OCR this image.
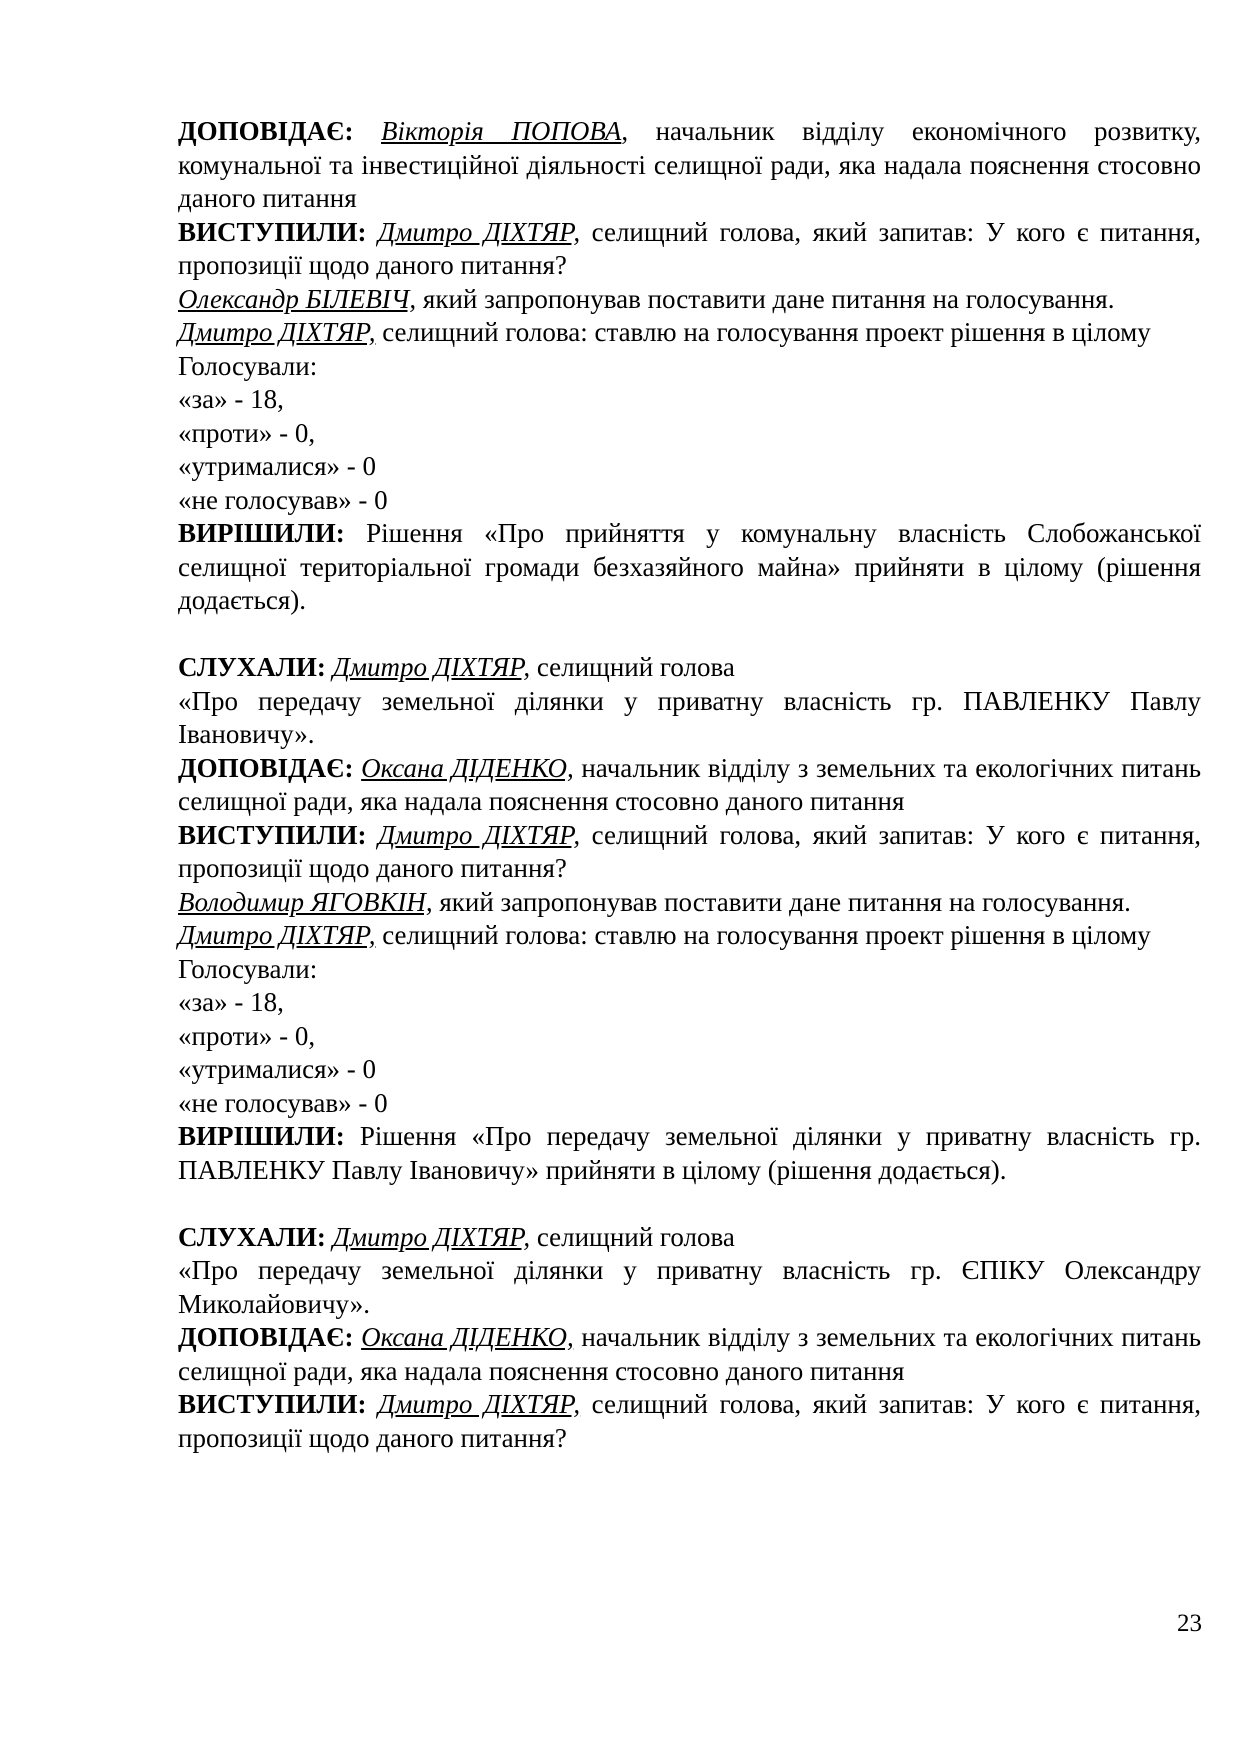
ДОПОВІДАЄ: Вікторія ПОПОВА, начальник відділу економічного розвитку, комунальної та інвестиційної діяльності селищної ради, яка надала пояснення стосовно даного питання

ВИСТУПИЛИ: Дмитро ДІХТЯР, селищний голова, який запитав: У кого є питання, пропозиції щодо даного питання?

Олександр БІЛЕВІЧ, який запропонував поставити дане питання на голосування.

Дмитро ДІХТЯР, селищний голова: ставлю на голосування проект рішення в цілому

Голосували:

«за» - 18,

«проти» - 0,

«утрималися» - 0

«не голосував» - 0

ВИРІШИЛИ: Рішення «Про прийняття у комунальну власність Слобожанської селищної територіальної громади безхазяйного майна» прийняти в цілому (рішення додається).

СЛУХАЛИ: Дмитро ДІХТЯР, селищний голова

«Про передачу земельної ділянки у приватну власність гр. ПАВЛЕНКУ Павлу Івановичу».

ДОПОВІДАЄ: Оксана ДІДЕНКО, начальник відділу з земельних та екологічних питань селищної ради, яка надала пояснення стосовно даного питання

ВИСТУПИЛИ: Дмитро ДІХТЯР, селищний голова, який запитав: У кого є питання, пропозиції щодо даного питання?

Володимир ЯГОВКІН, який запропонував поставити дане питання на голосування.

Дмитро ДІХТЯР, селищний голова: ставлю на голосування проект рішення в цілому

Голосували:

«за» - 18,

«проти» - 0,

«утрималися» - 0

«не голосував» - 0

ВИРІШИЛИ: Рішення «Про передачу земельної ділянки у приватну власність гр. ПАВЛЕНКУ Павлу Івановичу» прийняти в цілому (рішення додається).

СЛУХАЛИ: Дмитро ДІХТЯР, селищний голова

«Про передачу земельної ділянки у приватну власність гр. ЄПІКУ Олександру Миколайовичу».

ДОПОВІДАЄ: Оксана ДІДЕНКО, начальник відділу з земельних та екологічних питань селищної ради, яка надала пояснення стосовно даного питання

ВИСТУПИЛИ: Дмитро ДІХТЯР, селищний голова, який запитав: У кого є питання, пропозиції щодо даного питання?

23
